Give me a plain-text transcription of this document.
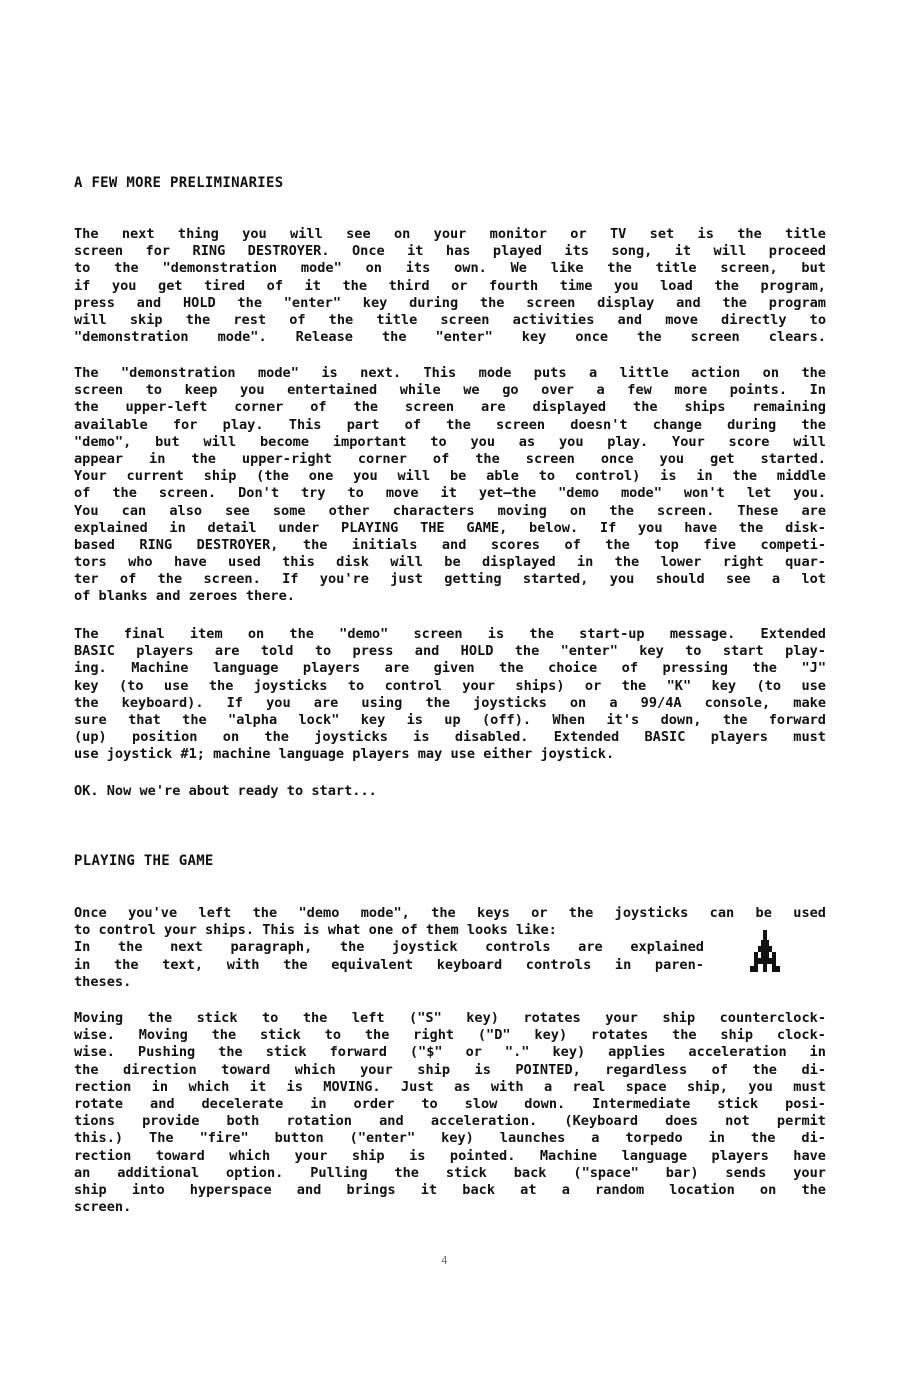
A FEW MORE PRELIMINARIES
The next thing you will see on your monitor or TV set is the title
screen for RING DESTROYER. Once it has played its song, it will proceed
to the "demonstration mode" on its own. We like the title screen, but
if you get tired of it the third or fourth time you load the program,
press and HOLD the "enter" key during the screen display and the program
will skip the rest of the title screen activities and move directly to
"demonstration mode". Release the "enter" key once the screen clears.
The "demonstration mode" is next. This mode puts a little action on the
screen to keep you entertained while we go over a few more points. In
the upper-left corner of the screen are displayed the ships remaining
available for play. This part of the screen doesn't change during the
"demo", but will become important to you as you play. Your score will
appear in the upper-right corner of the screen once you get started.
Your current ship (the one you will be able to control) is in the middle
of the screen. Don't try to move it yet—the "demo mode" won't let you.
You can also see some other characters moving on the screen. These are
explained in detail under PLAYING THE GAME, below. If you have the disk-
based RING DESTROYER, the initials and scores of the top five competi-
tors who have used this disk will be displayed in the lower right quar-
ter of the screen. If you're just getting started, you should see a lot
of blanks and zeroes there.
The final item on the "demo" screen is the start-up message. Extended
BASIC players are told to press and HOLD the "enter" key to start play-
ing. Machine language players are given the choice of pressing the "J"
key (to use the joysticks to control your ships) or the "K" key (to use
the keyboard). If you are using the joysticks on a 99/4A console, make
sure that the "alpha lock" key is up (off). When it's down, the forward
(up) position on the joysticks is disabled. Extended BASIC players must
use joystick #1; machine language players may use either joystick.
OK. Now we're about ready to start...
PLAYING THE GAME
Once you've left the "demo mode", the keys or the joysticks can be used
to control your ships. This is what one of them looks like:
In the next paragraph, the joystick controls are explained
in the text, with the equivalent keyboard controls in paren-
theses.
Moving the stick to the left ("S" key) rotates your ship counterclock-
wise. Moving the stick to the right ("D" key) rotates the ship clock-
wise. Pushing the stick forward ("$" or "." key) applies acceleration in
the direction toward which your ship is POINTED, regardless of the di-
rection in which it is MOVING. Just as with a real space ship, you must
rotate and decelerate in order to slow down. Intermediate stick posi-
tions provide both rotation and acceleration. (Keyboard does not permit
this.) The "fire" button ("enter" key) launches a torpedo in the di-
rection toward which your ship is pointed. Machine language players have
an additional option. Pulling the stick back ("space" bar) sends your
ship into hyperspace and brings it back at a random location on the
screen.
4
